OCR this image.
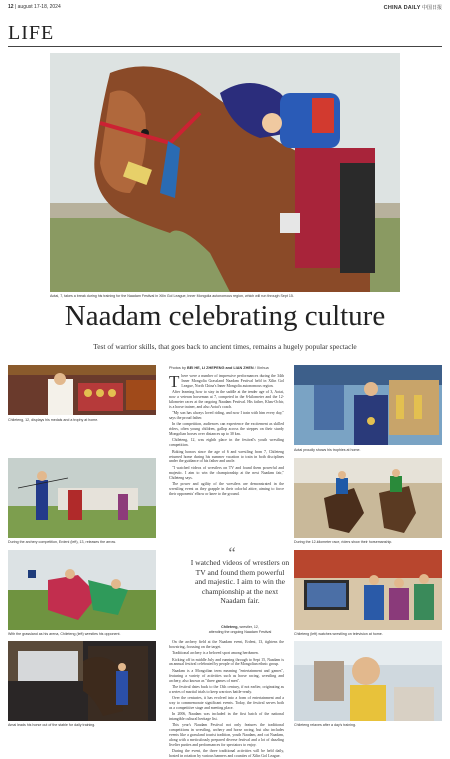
12 | august 17-18, 2024	CHINA DAILY 中国日报
LIFE
Aotai, 7, takes a break during his training for the Naadam Festival in Xilin Gol League, Inner Mongolia autonomous region, which will run through Sept 15.
Naadam celebrating culture
Test of warrior skills, that goes back to ancient times, remains a hugely popular spectacle
Chileteng, 12, displays his medals and a trophy at home.
During the archery competition, Erdeni (left), 13, releases the arrow.
With the grassland as his arena, Chileteng (left) wrestles his opponent.
Amai leads his horse out of the stable for daily training.
Aotai proudly shows his trophies at home.
During the 12-kilometer race, riders show their horsemanship.
Chileteng (left) watches wrestling on television at home.
Chileteng relaxes after a day's training.
Photos by BEI HE, LI ZHEPENG and LIAN ZHEN / Xinhua
T here were a number of impressive performances during the 34th Inner Mongolia Grassland Naadam Festival held in Xilin Gol League, North China's Inner Mongolia autonomous region.

After learning how to stay in the saddle at the tender age of 3, Aotai, now a veteran horseman at 7, competed in the 6-kilometer and the 12-kilometer races at the ongoing Naadam Festival. His father, Khas-Ochir, is a horse trainer, and also Aotai's coach.

"My son has always loved riding, and now I train with him every day," says the proud father.

In the competition, audiences can experience the excitement as skilled riders, often young children, gallop across the steppes on their sturdy Mongolian horses over distances up to 30 km.

Chileteng, 12, was eighth place in the festival's youth wrestling competition.

Boking honors since the age of 6 and wrestling from 7, Chileteng returned home during his summer vacation to train in both disciplines under the guidance of his father and uncle.

"I watched videos of wrestlers on TV and found them powerful and majestic. I aim to win the championship at the next Naadam fair," Chileteng says.

The power and agility of the wrestlers are demonstrated in the wrestling event as they grapple in their colorful attire, aiming to force their opponents' elbow or knee to the ground.

“
I watched videos of wrestlers on TV and found them powerful and majestic. I aim to win the championship at the next Naadam fair.
Chileteng, wrestler, 12,
attending the ongoing Naadam Festival

On the archery field at the Naadam event, Erdeni, 13, tightens the bowstring, focusing on the target.

Traditional archery is a beloved sport among herdsmen.

Kicking off in middle July and running through to Sept 15, Naadam is an annual festival celebrated by people of the Mongolian ethnic group.

Naadam is a Mongolian term meaning "entertainment and games", featuring a variety of activities such as horse racing, wrestling and archery, also known as "three games of men".

The festival dates back to the 13th century, if not earlier, originating as a series of martial trials to keep warriors battle-ready.

Over the centuries, it has evolved into a form of entertainment and a way to commemorate significant events. Today, the festival serves both as a competitive stage and meeting place.

In 2006, Naadam was included in the first batch of the national intangible cultural heritage list.

This year's Naadam Festival not only features the traditional competitions in wrestling, archery and horse racing, but also includes events like a grassland tourist tradition, youth Naadam, and cat Naadam, along with a meticulously prepared diverse festival and a lot of dazzling livelier parties and performances for spectators to enjoy.

During the event, the three traditional activities will be held daily, hosted in rotation by various banners and counties of Xilin Gol League.
